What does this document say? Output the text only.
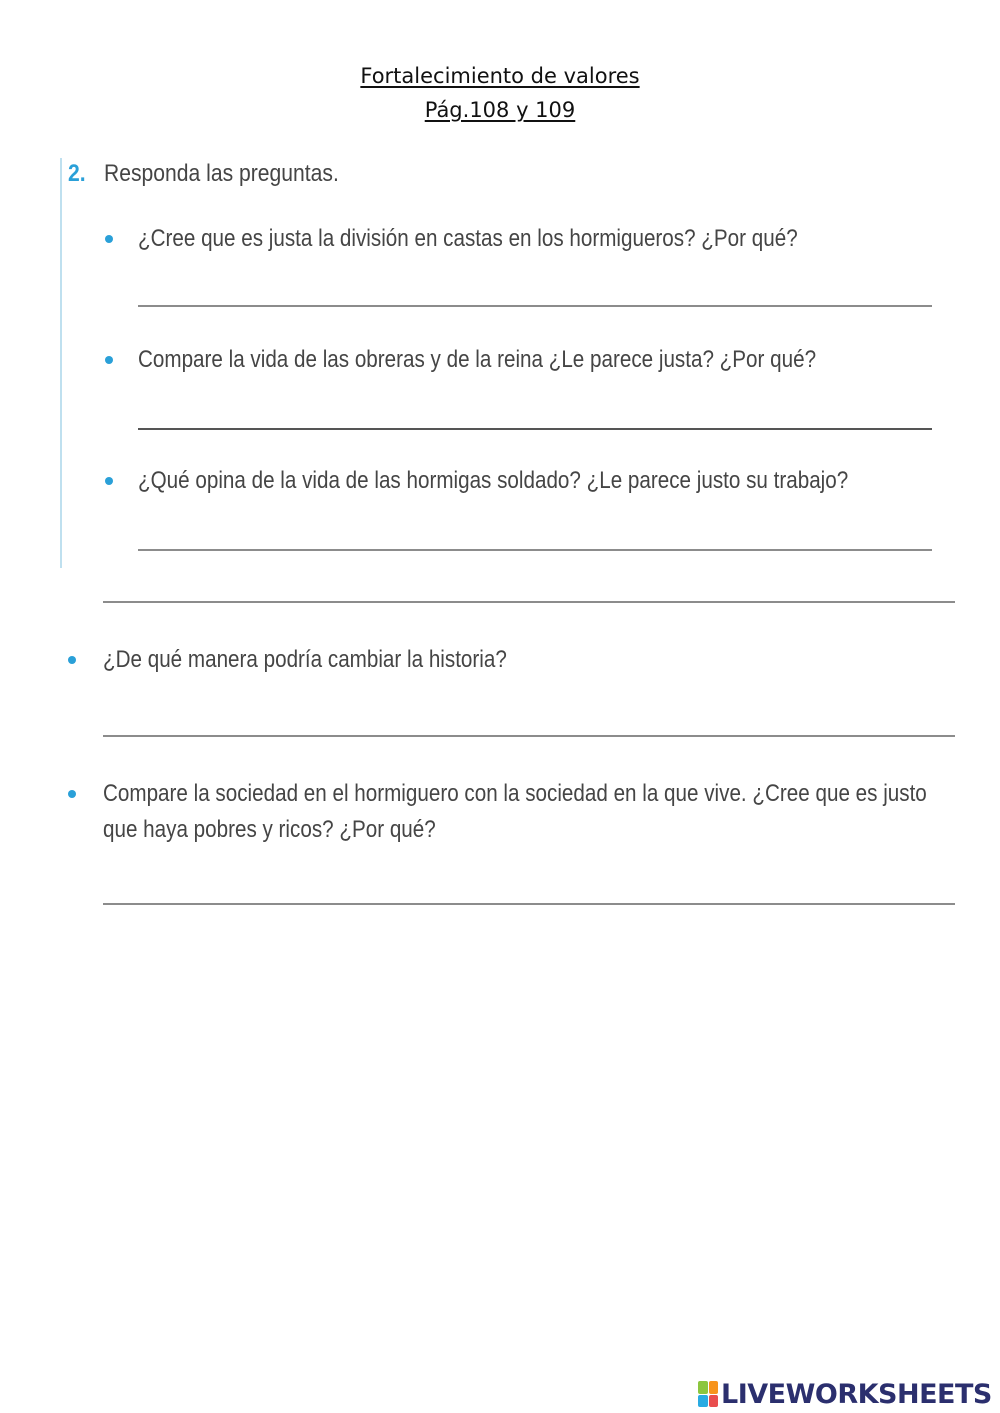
Fortalecimiento de valores
Pág.108 y 109
2. Responda las preguntas.
¿Cree que es justa la división en castas en los hormigueros? ¿Por qué?
Compare la vida de las obreras y de la reina ¿Le parece justa? ¿Por qué?
¿Qué opina de la vida de las hormigas soldado? ¿Le parece justo su trabajo?
¿De qué manera podría cambiar la historia?
Compare la sociedad en el hormiguero con la sociedad en la que vive. ¿Cree que es justo
que haya pobres y ricos? ¿Por qué?
LIVEWORKSHEETS
